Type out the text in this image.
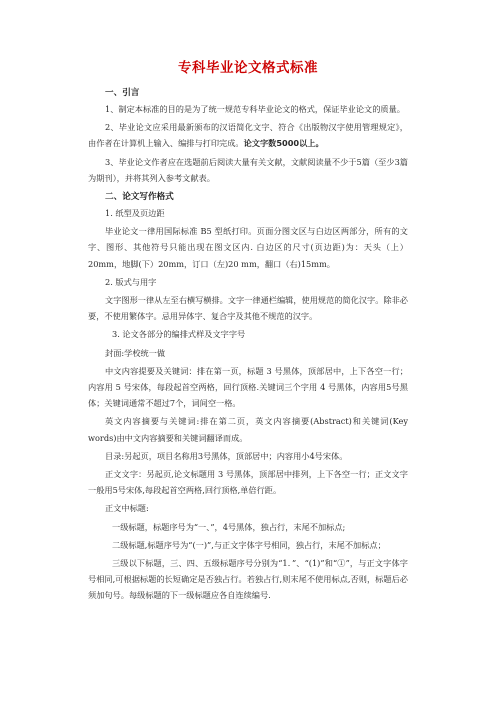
专科毕业论文格式标准
一、引言

1、制定本标准的目的是为了统一规范专科毕业论文的格式，保证毕业论文的质量。

2、毕业论文应采用最新颁布的汉语简化文字、符合《出版物汉字使用管理规定》，由作者在计算机上输入、编排与打印完成。论文字数5000以上。

3、毕业论文作者应在选题前后阅读大量有关文献，文献阅读量不少于5篇（至少3篇为期刊），并将其列入参考文献表。

二、论文写作格式

1. 纸型及页边距

毕业论文一律用国际标准 B5 型纸打印。页面分图文区与白边区两部分，所有的文字、图形、其他符号只能出现在图文区内. 白边区的尺寸(页边距)为：天头（上）20mm，地脚(下）20mm，订口（左)20 mm，翻口（右)15mm。

2. 版式与用字

文字图形一律从左至右横写横排。文字一律通栏编辑，使用规范的简化汉字。除非必要，不使用繁体字。忌用异体字、复合字及其他不规范的汉字。

3. 论文各部分的编排式样及文字字号

封面:学校统一做

中文内容提要及关键词：排在第一页，标题 3 号黑体，顶部居中，上下各空一行；内容用 5 号宋体，每段起首空两格，回行顶格.关键词三个字用 4 号黑体，内容用5号黑体；关键词通常不超过7个，词间空一格。

英文内容摘要与关键词:排在第二页，英文内容摘要(Abstract)和关键词(Key words)由中文内容摘要和关键词翻译而成。

目录:另起页，项目名称用3号黑体，顶部居中；内容用小4号宋体。

正文文字：另起页,论文标题用 3 号黑体，顶部居中排列，上下各空一行；正文文字一般用5号宋体,每段起首空两格,回行顶格,单倍行距。

正文中标题:

一级标题，标题序号为“一、”，4号黑体，独占行，末尾不加标点;

二级标题,标题序号为“(一)”,与正文字体字号相同，独占行，末尾不加标点；

三级以下标题，三、四、五级标题序号分别为“1．”、“(1)”和“①”，与正文字体字号相同,可根据标题的长短确定是否独占行。若独占行,则末尾不使用标点,否则，标题后必须加句号。每级标题的下一级标题应各自连续编号.
